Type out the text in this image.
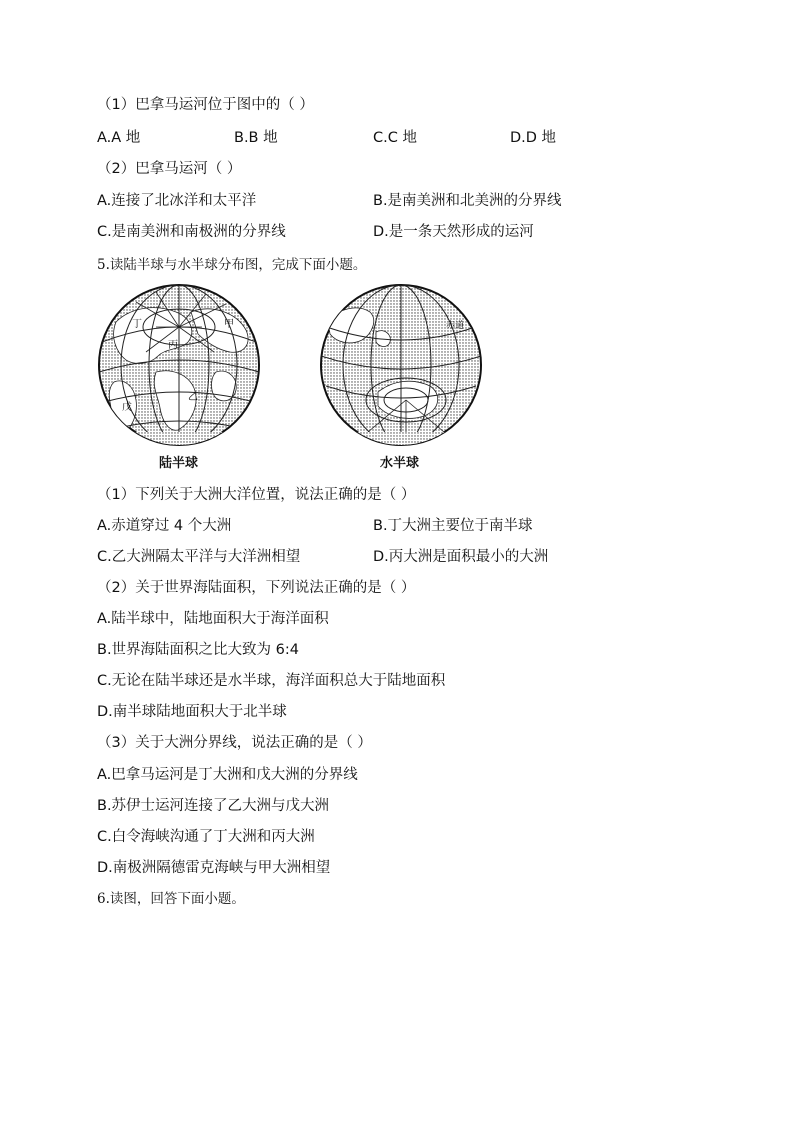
（1）巴拿马运河位于图中的（ ）
A.A 地	B.B 地	C.C 地	D.D 地
（2）巴拿马运河（ ）
A.连接了北冰洋和太平洋	B.是南美洲和北美洲的分界线
C.是南美洲和南极洲的分界线	D.是一条天然形成的运河
5.读陆半球与水半球分布图，完成下面小题。
丁	甲
丙
乙
戊
陆半球
赤道
水半球
（1）下列关于大洲大洋位置，说法正确的是（ ）
A.赤道穿过 4 个大洲	B.丁大洲主要位于南半球
C.乙大洲隔太平洋与大洋洲相望	D.丙大洲是面积最小的大洲
（2）关于世界海陆面积，下列说法正确的是（ ）
A.陆半球中，陆地面积大于海洋面积
B.世界海陆面积之比大致为 6:4
C.无论在陆半球还是水半球，海洋面积总大于陆地面积
D.南半球陆地面积大于北半球
（3）关于大洲分界线，说法正确的是（ ）
A.巴拿马运河是丁大洲和戊大洲的分界线
B.苏伊士运河连接了乙大洲与戊大洲
C.白令海峡沟通了丁大洲和丙大洲
D.南极洲隔德雷克海峡与甲大洲相望
6.读图，回答下面小题。
